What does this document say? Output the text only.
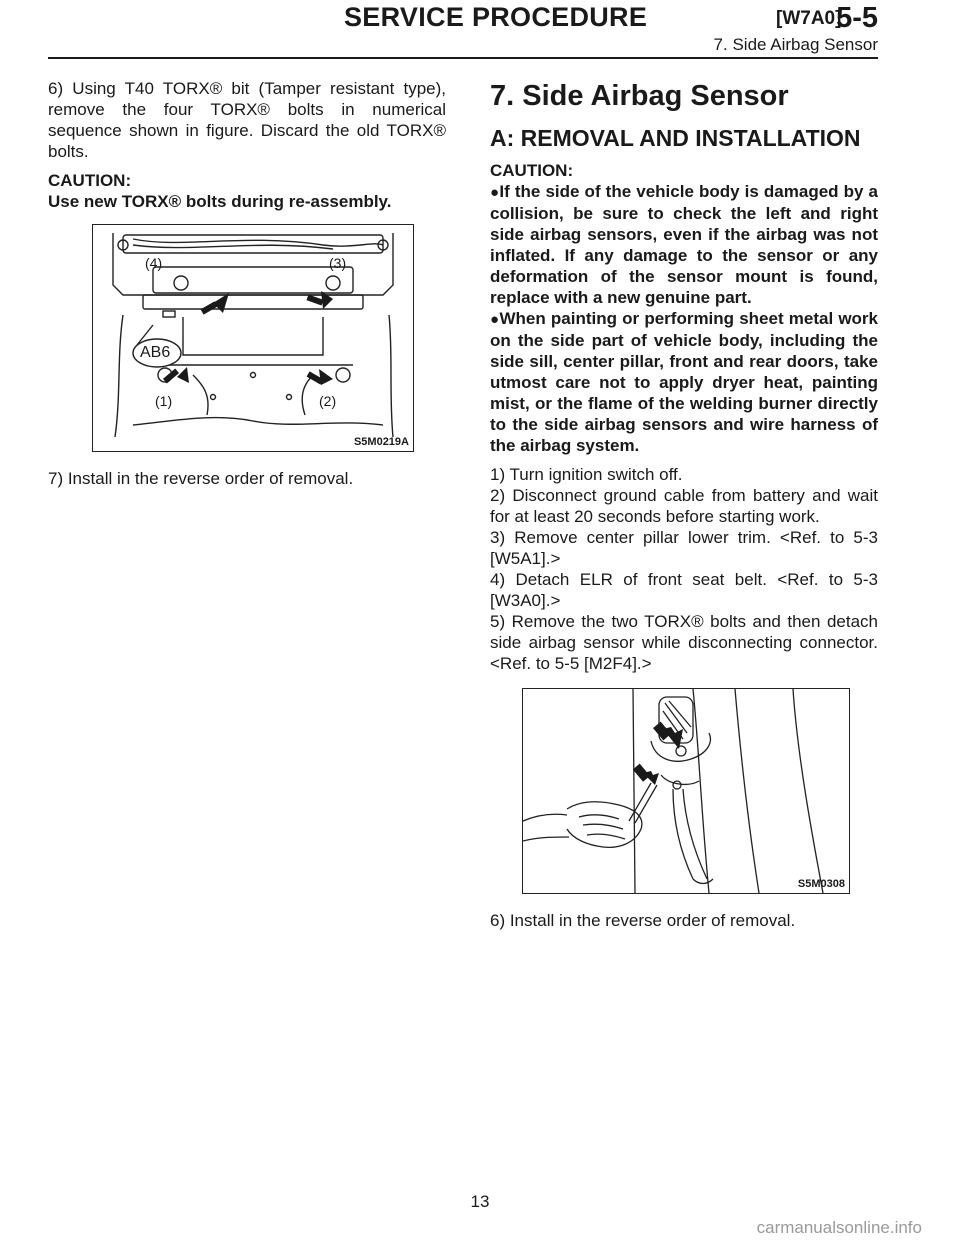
SERVICE PROCEDURE	[W7A0]
5-5
7. Side Airbag Sensor

6) Using T40 TORX® bit (Tamper resistant type), remove the four TORX® bolts in numerical sequence shown in figure. Discard the old TORX® bolts.

CAUTION:

Use new TORX® bolts during re-assembly.

AB6
(4)	(3)
(1)	(2)
S5M0219A

7) Install in the reverse order of removal.

7. Side Airbag Sensor
A: REMOVAL AND INSTALLATION

CAUTION:

●If the side of the vehicle body is damaged by a collision, be sure to check the left and right side airbag sensors, even if the airbag was not inflated. If any damage to the sensor or any deformation of the sensor mount is found, replace with a new genuine part.

●When painting or performing sheet metal work on the side part of vehicle body, including the side sill, center pillar, front and rear doors, take utmost care not to apply dryer heat, painting mist, or the flame of the welding burner directly to the side airbag sensors and wire harness of the airbag system.

1) Turn ignition switch off.

2) Disconnect ground cable from battery and wait for at least 20 seconds before starting work.

3) Remove center pillar lower trim. <Ref. to 5-3 [W5A1].>

4) Detach ELR of front seat belt. <Ref. to 5-3 [W3A0].>

5) Remove the two TORX® bolts and then detach side airbag sensor while disconnecting connector. <Ref. to 5-5 [M2F4].>

S5M0308

6) Install in the reverse order of removal.

13
carmanualsonline.info
